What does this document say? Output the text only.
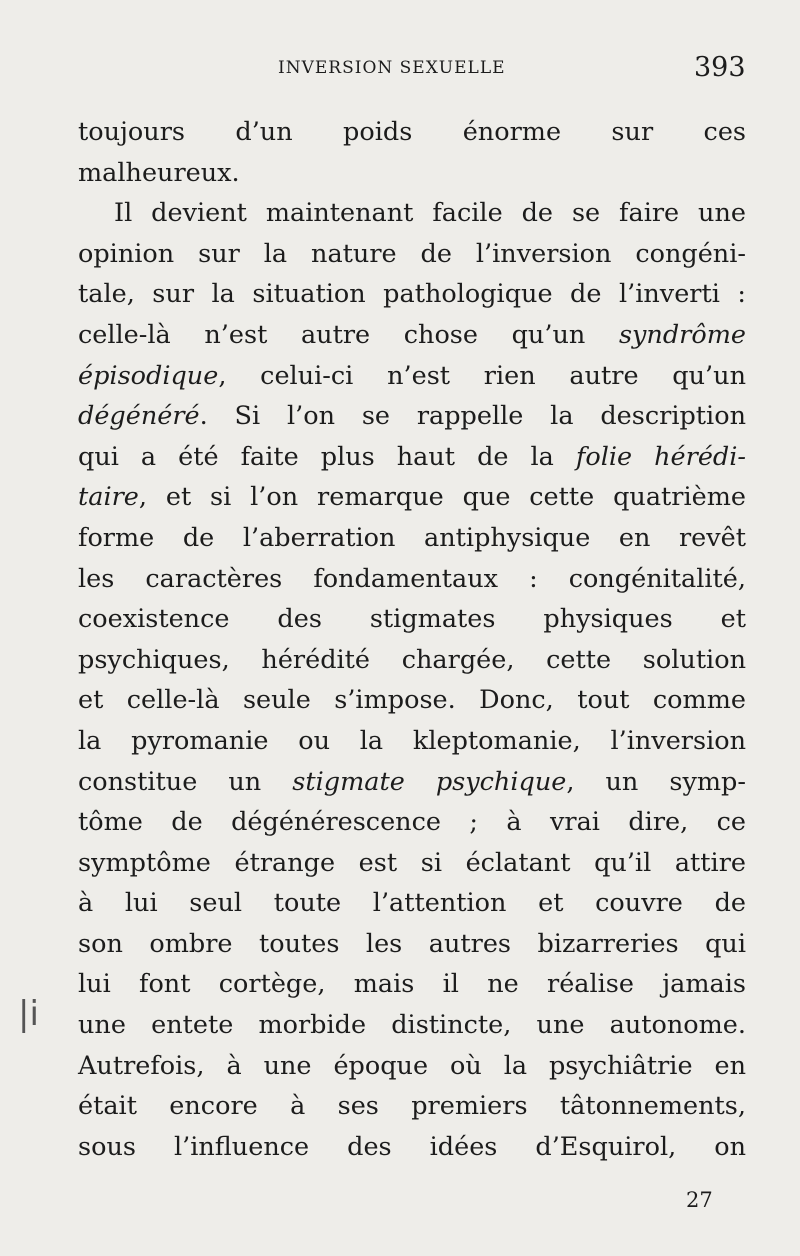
INVERSION SEXUELLE	393
|i
toujours d’un poids énorme sur ces
malheureux.
Il devient maintenant facile de se faire une
opinion sur la nature de l’inversion congéni-
tale, sur la situation pathologique de l’inverti :
celle-là n’est autre chose qu’un syndrôme
épisodique, celui-ci n’est rien autre qu’un
dégénéré. Si l’on se rappelle la description
qui a été faite plus haut de la folie hérédi-
taire, et si l’on remarque que cette quatrième
forme de l’aberration antiphysique en revêt
les caractères fondamentaux : congénitalité,
coexistence des stigmates physiques et
psychiques, hérédité chargée, cette solution
et celle-là seule s’impose. Donc, tout comme
la pyromanie ou la kleptomanie, l’inversion
constitue un stigmate psychique, un symp-
tôme de dégénérescence ; à vrai dire, ce
symptôme étrange est si éclatant qu’il attire
à lui seul toute l’attention et couvre de
son ombre toutes les autres bizarreries qui
lui font cortège, mais il ne réalise jamais
une entete morbide distincte, une autonome.
Autrefois, à une époque où la psychiâtrie en
était encore à ses premiers tâtonnements,
sous l’influence des idées d’Esquirol, on
27
